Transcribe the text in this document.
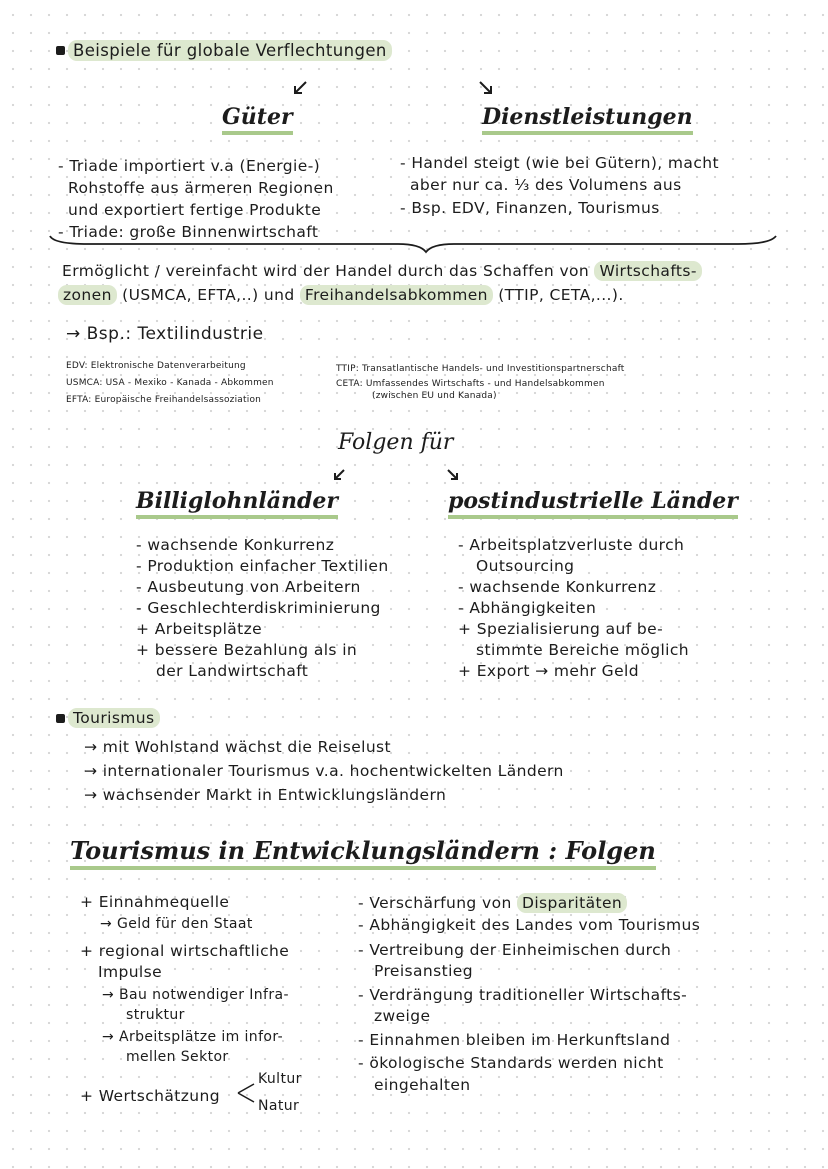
Beispiele für globale Verflechtungen
Güter	Dienstleistungen
- Triade importiert v.a (Energie-)
Rohstoffe aus ärmeren Regionen
und exportiert fertige Produkte
- Triade: große Binnenwirtschaft
- Handel steigt (wie bei Gütern), macht
aber nur ca. ⅓ des Volumens aus
- Bsp. EDV, Finanzen, Tourismus
Ermöglicht / vereinfacht wird der Handel durch das Schaffen von Wirtschafts-
zonen (USMCA, EFTA,..) und Freihandelsabkommen (TTIP, CETA,...).
→ Bsp.: Textilindustrie
EDV: Elektronische Datenverarbeitung
USMCA: USA - Mexiko - Kanada - Abkommen
EFTA: Europäische Freihandelsassoziation
TTIP: Transatlantische Handels- und Investitionspartnerschaft
CETA: Umfassendes Wirtschafts - und Handelsabkommen
(zwischen EU und Kanada)
Folgen für
Billiglohnländer	postindustrielle Länder
- wachsende Konkurrenz
- Produktion einfacher Textilien
- Ausbeutung von Arbeitern
- Geschlechterdiskriminierung
+ Arbeitsplätze
+ bessere Bezahlung als in
der Landwirtschaft
- Arbeitsplatzverluste durch
Outsourcing
- wachsende Konkurrenz
- Abhängigkeiten
+ Spezialisierung auf be-
stimmte Bereiche möglich
+ Export → mehr Geld
Tourismus
→ mit Wohlstand wächst die Reiselust
→ internationaler Tourismus v.a. hochentwickelten Ländern
→ wachsender Markt in Entwicklungsländern
Tourismus in Entwicklungsländern : Folgen
+ Einnahmequelle
→ Geld für den Staat
+ regional wirtschaftliche
Impulse
→ Bau notwendiger Infra-
struktur
→ Arbeitsplätze im infor-
mellen Sektor
+ Wertschätzung
Kultur
Natur
- Verschärfung von Disparitäten
- Abhängigkeit des Landes vom Tourismus
- Vertreibung der Einheimischen durch
Preisanstieg
- Verdrängung traditioneller Wirtschafts-
zweige
- Einnahmen bleiben im Herkunftsland
- ökologische Standards werden nicht
eingehalten
